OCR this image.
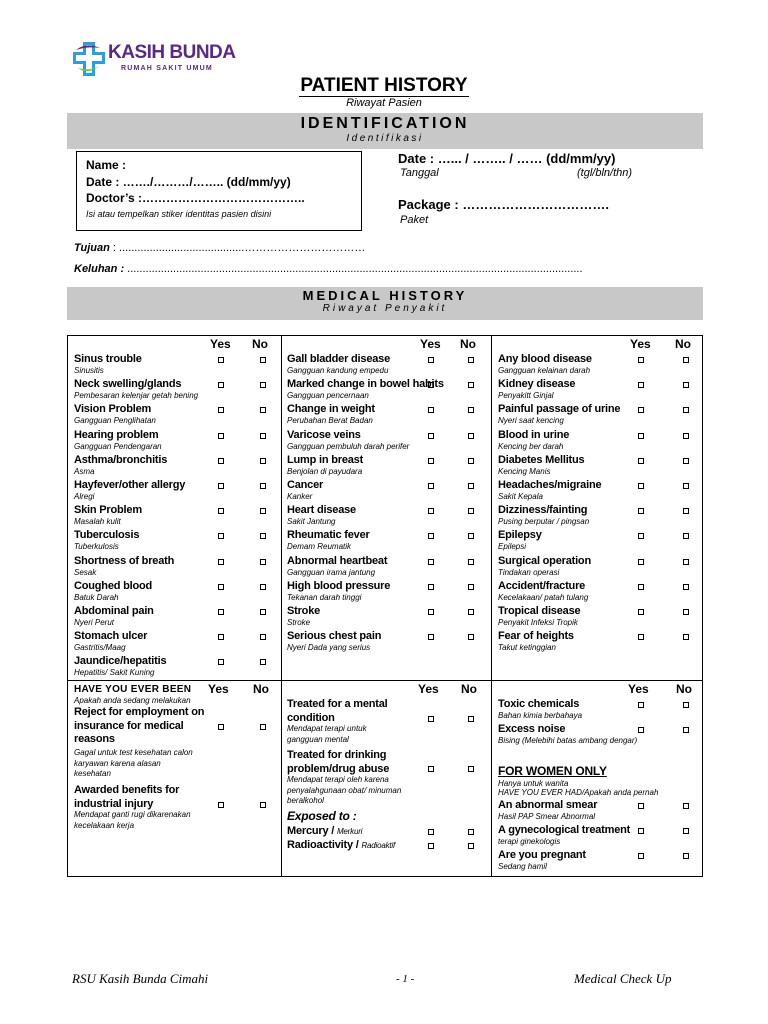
KASIH BUNDA
RUMAH SAKIT UMUM
PATIENT HISTORY
Riwayat Pasien
IDENTIFICATION
Identifikasi
Name :
Date : ……./………/…….. (dd/mm/yy)
Doctor’s :…………………………………..
Isi atau tempelkan stiker identitas pasien disini
Date : …... / …….. / …… (dd/mm/yy)
Tanggal	(tgl/bln/thn)
Package : …………………………….
Paket
Tujuan : .........................................……………………………
Keluhan : .....................................................................................................................................................
MEDICAL HISTORY
Riwayat Penyakit
Yes No
Sinus trouble
Sinusitis
Neck swelling/glands
Pembesaran kelenjar getah bening
Vision Problem
Gangguan Penglihatan
Hearing problem
Gangguan Pendengaran
Asthma/bronchitis
Asma
Hayfever/other allergy
Alregi
Skin Problem
Masalah kulit
Tuberculosis
Tuberkulosis
Shortness of breath
Sesak
Coughed blood
Batuk Darah
Abdominal pain
Nyeri Perut
Stomach ulcer
Gastritis/Maag
Jaundice/hepatitis
Hepatitis/ Sakit Kuning
Yes No
Gall bladder disease
Gangguan kandung empedu
Marked change in bowel habits
Gangguan pencernaan
Change in weight
Perubahan Berat Badan
Varicose veins
Gangguan pembuluh darah perifer
Lump in breast
Benjolan di payudara
Cancer
Kanker
Heart disease
Sakit Jantung
Rheumatic fever
Demam Reumatik
Abnormal heartbeat
Gangguan irama jantung
High blood pressure
Tekanan darah tinggi
Stroke
Stroke
Serious chest pain
Nyeri Dada yang serius
Yes No
Any blood disease
Gangguan kelainan darah
Kidney disease
Penyakitt Ginjal
Painful passage of urine
Nyeri saat kencing
Blood in urine
Kencing ber darah
Diabetes Mellitus
Kencing Manis
Headaches/migraine
Sakit Kepala
Dizziness/fainting
Pusing berputar / pingsan
Epilepsy
Epilepsi
Surgical operation
Tindakan operasi
Accident/fracture
Kecelakaan/ patah tulang
Tropical disease
Penyakit Infeksi Tropik
Fear of heights
Takut ketinggian
Yes No	Yes No	Yes No
HAVE YOU EVER BEEN
Apakah anda sedang melakukan
Reject for employment on insurance for medical reasons
Gagal untuk test kesehatan calon karyawan karena alasan kesehatan
Awarded benefits for industrial injury
Mendapat ganti rugi dikarenakan kecelakaan kerja
Treated for a mental condition
Mendapat terapi untuk gangguan mental
Treated for drinking problem/drug abuse
Mendapat terapi oleh karena penyalahgunaan obat/ minuman beralkohol
Exposed to :
Mercury / Merkuri
Radioactivity / Radioaktif
Toxic chemicals
Bahan kimia berbahaya
Excess noise
Bising (Melebihi batas ambang dengar)
FOR WOMEN ONLY
Hanya untuk wanita
HAVE YOU EVER HAD/Apakah anda pernah
An abnormal smear
Hasil PAP Smear Abnormal
A gynecological treatment
terapi ginekologis
Are you pregnant
Sedang hamil
RSU Kasih Bunda Cimahi	- 1 -	Medical Check Up
